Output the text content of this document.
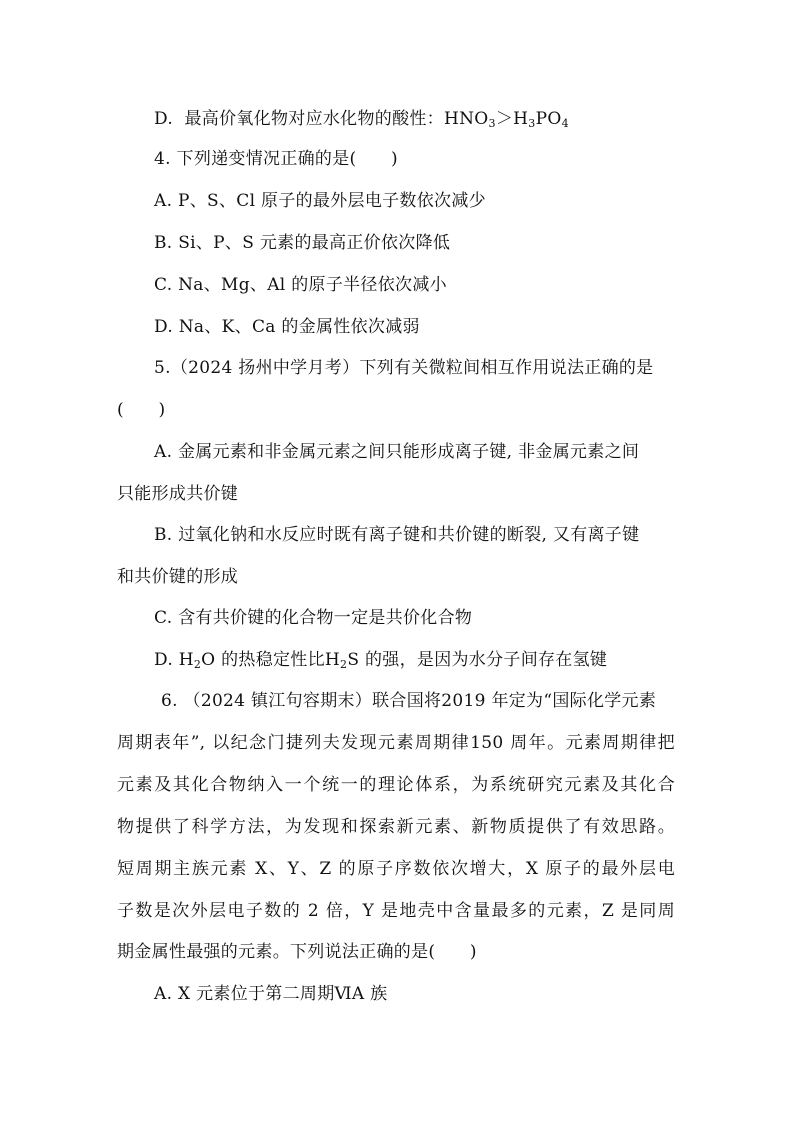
D. 最高价氧化物对应水化物的酸性：$HNO_3>H_3PO_4$
4. 下列递变情况正确的是(　　)
A. P、S、Cl 原子的最外层电子数依次减少
B. Si、P、S 元素的最高正价依次降低
C. Na、Mg、Al 的原子半径依次减小
D. Na、K、Ca 的金属性依次减弱
5.（2024 扬州中学月考）下列有关微粒间相互作用说法正确的是
(　　)
A. 金属元素和非金属元素之间只能形成离子键, 非金属元素之间
只能形成共价键
B. 过氧化钠和水反应时既有离子键和共价键的断裂, 又有离子键
和共价键的形成
C. 含有共价键的化合物一定是共价化合物
D. $H_2O$ 的热稳定性比$H_2S$ 的强，是因为水分子间存在氢键
6. （2024 镇江句容期末）联合国将2019 年定为“国际化学元素
周期表年”, 以纪念门捷列夫发现元素周期律150 周年。元素周期律把
元素及其化合物纳入一个统一的理论体系，为系统研究元素及其化合
物提供了科学方法，为发现和探索新元素、新物质提供了有效思路。
短周期主族元素 X、Y、Z 的原子序数依次增大，X 原子的最外层电
子数是次外层电子数的 2 倍，Y 是地壳中含量最多的元素，Z 是同周
期金属性最强的元素。下列说法正确的是(　　)
A. X 元素位于第二周期ⅥA 族
